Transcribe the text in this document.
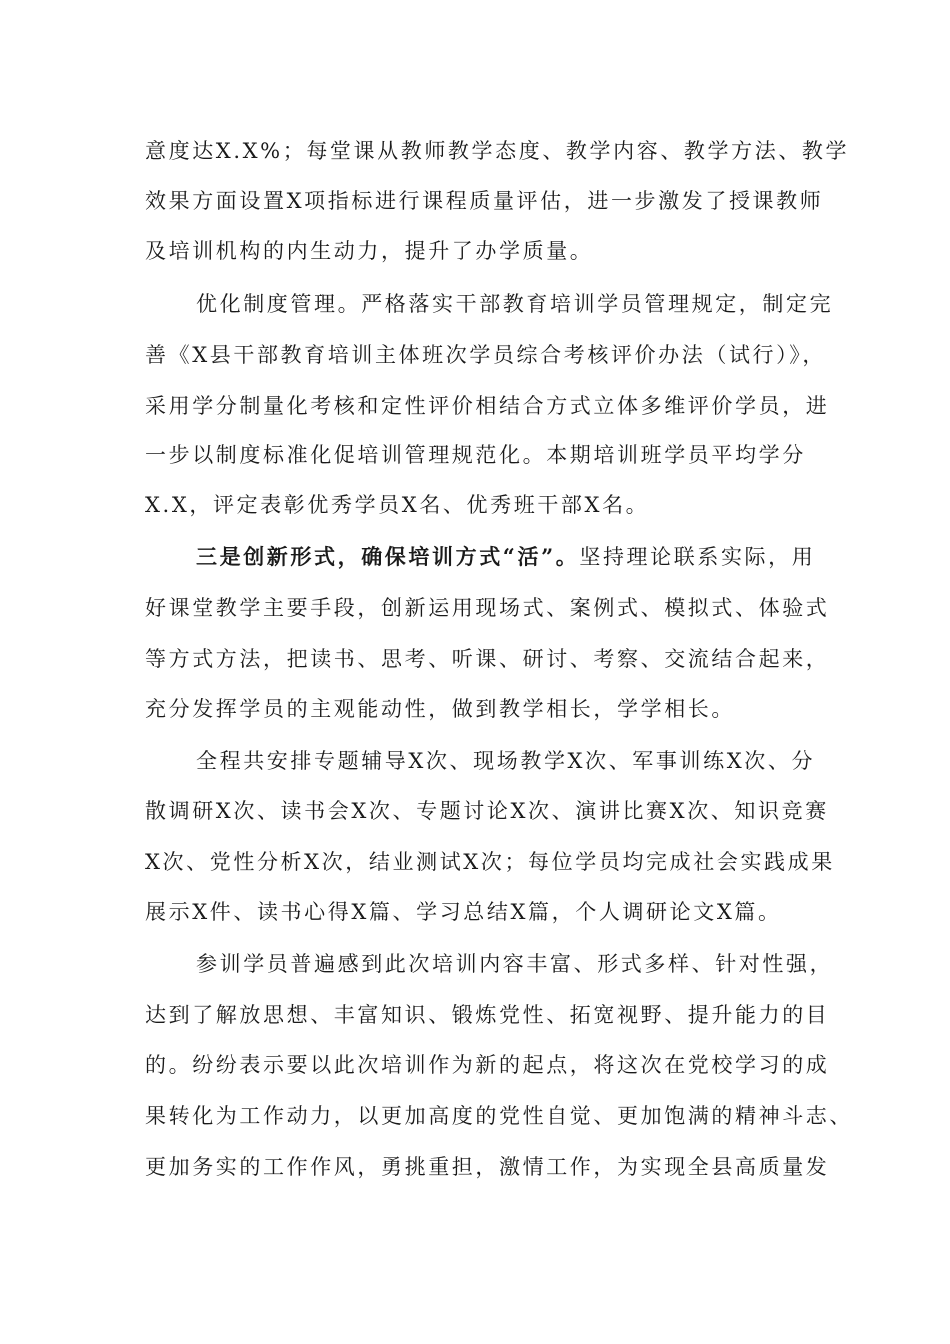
意度达X.X%；每堂课从教师教学态度、教学内容、教学方法、教学
效果方面设置X项指标进行课程质量评估，进一步激发了授课教师
及培训机构的内生动力，提升了办学质量。
优化制度管理。严格落实干部教育培训学员管理规定，制定完
善《X县干部教育培训主体班次学员综合考核评价办法（试行）》，
采用学分制量化考核和定性评价相结合方式立体多维评价学员，进
一步以制度标准化促培训管理规范化。本期培训班学员平均学分
X.X，评定表彰优秀学员X名、优秀班干部X名。
三是创新形式，确保培训方式“活”。坚持理论联系实际，用
好课堂教学主要手段，创新运用现场式、案例式、模拟式、体验式
等方式方法，把读书、思考、听课、研讨、考察、交流结合起来，
充分发挥学员的主观能动性，做到教学相长，学学相长。
全程共安排专题辅导X次、现场教学X次、军事训练X次、分
散调研X次、读书会X次、专题讨论X次、演讲比赛X次、知识竞赛
X次、党性分析X次，结业测试X次；每位学员均完成社会实践成果
展示X件、读书心得X篇、学习总结X篇，个人调研论文X篇。
参训学员普遍感到此次培训内容丰富、形式多样、针对性强，
达到了解放思想、丰富知识、锻炼党性、拓宽视野、提升能力的目
的。纷纷表示要以此次培训作为新的起点，将这次在党校学习的成
果转化为工作动力，以更加高度的党性自觉、更加饱满的精神斗志、
更加务实的工作作风，勇挑重担，激情工作，为实现全县高质量发
